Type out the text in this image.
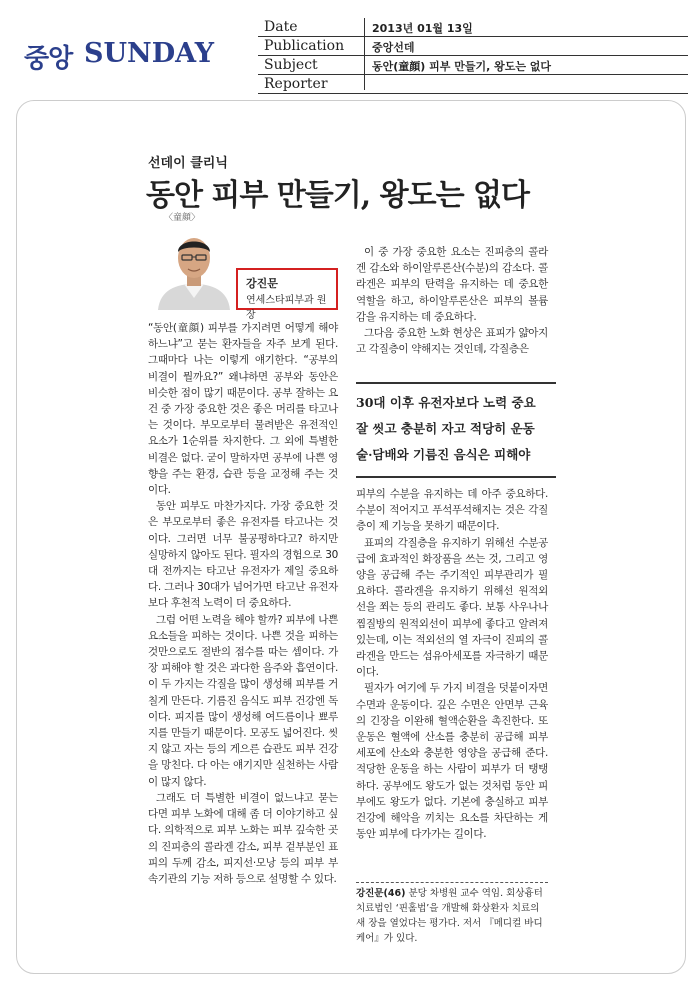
중앙 SUNDAY
Date	2013년 01월 13일
Publication	중앙선데
Subject	동안(童顔) 피부 만들기, 왕도는 없다
Reporter
선데이 클리닉
동안 피부 만들기, 왕도는 없다
〈童顔〉
강진문
연세스타피부과 원장

“동안(童顔) 피부를 가지려면 어떻게 해야 하느냐”고 묻는 환자들을 자주 보게 된다. 그때마다 나는 이렇게 얘기한다. “공부의 비결이 뭘까요?” 왜냐하면 공부와 동안은 비슷한 점이 많기 때문이다. 공부 잘하는 요건 중 가장 중요한 것은 좋은 머리를 타고나는 것이다. 부모로부터 물려받은 유전적인 요소가 1순위를 차지한다. 그 외에 특별한 비결은 없다. 굳이 말하자면 공부에 나쁜 영향을 주는 환경, 습관 등을 교정해 주는 것이다.

동안 피부도 마찬가지다. 가장 중요한 것은 부모로부터 좋은 유전자를 타고나는 것이다. 그러면 너무 불공평하다고? 하지만 실망하지 않아도 된다. 필자의 경험으로 30대 전까지는 타고난 유전자가 제일 중요하다. 그러나 30대가 넘어가면 타고난 유전자보다 후천적 노력이 더 중요하다.

그럼 어떤 노력을 해야 할까? 피부에 나쁜 요소들을 피하는 것이다. 나쁜 것을 피하는 것만으로도 절반의 점수를 따는 셈이다. 가장 피해야 할 것은 과다한 음주와 흡연이다. 이 두 가지는 각질을 많이 생성해 피부를 거칠게 만든다. 기름진 음식도 피부 건강엔 독이다. 피지를 많이 생성해 여드름이나 뾰루지를 만들기 때문이다. 모공도 넓어진다. 씻지 않고 자는 등의 게으른 습관도 피부 건강을 망친다. 다 아는 얘기지만 실천하는 사람이 많지 않다.

그래도 더 특별한 비결이 없느냐고 묻는다면 피부 노화에 대해 좀 더 이야기하고 싶다. 의학적으로 피부 노화는 피부 깊숙한 곳의 진피층의 콜라겐 감소, 피부 겉부분인 표피의 두께 감소, 피지선·모낭 등의 피부 부속기관의 기능 저하 등으로 설명할 수 있다.

이 중 가장 중요한 요소는 진피층의 콜라겐 감소와 하이알루론산(수분)의 감소다. 콜라겐은 피부의 탄력을 유지하는 데 중요한 역할을 하고, 하이알루론산은 피부의 볼륨감을 유지하는 데 중요하다.

그다음 중요한 노화 현상은 표피가 얇아지고 각질층이 약해지는 것인데, 각질층은

30대 이후 유전자보다 노력 중요
잘 씻고 충분히 자고 적당히 운동
술·담배와 기름진 음식은 피해야

피부의 수분을 유지하는 데 아주 중요하다. 수분이 적어지고 푸석푸석해지는 것은 각질층이 제 기능을 못하기 때문이다.

표피의 각질층을 유지하기 위해선 수분공급에 효과적인 화장품을 쓰는 것, 그리고 영양을 공급해 주는 주기적인 피부관리가 필요하다. 콜라겐을 유지하기 위해선 원적외선을 쬐는 등의 관리도 좋다. 보통 사우나나 찜질방의 원적외선이 피부에 좋다고 알려져 있는데, 이는 적외선의 열 자극이 진피의 콜라겐을 만드는 섬유아세포를 자극하기 때문이다.

필자가 여기에 두 가지 비결을 덧붙이자면 수면과 운동이다. 깊은 수면은 안면부 근육의 긴장을 이완해 혈액순환을 촉진한다. 또 운동은 혈액에 산소를 충분히 공급해 피부 세포에 산소와 충분한 영양을 공급해 준다. 적당한 운동을 하는 사람이 피부가 더 탱탱하다. 공부에도 왕도가 없는 것처럼 동안 피부에도 왕도가 없다. 기본에 충실하고 피부 건강에 해악을 끼치는 요소를 차단하는 게 동안 피부에 다가가는 길이다.

강진문(46) 분당 차병원 교수 역임. 회상흉터 치료법인 ‘핀홀법’을 개발해 화상환자 치료의 새 장을 열었다는 평가다. 저서 『메디컬 바디 케어』가 있다.
